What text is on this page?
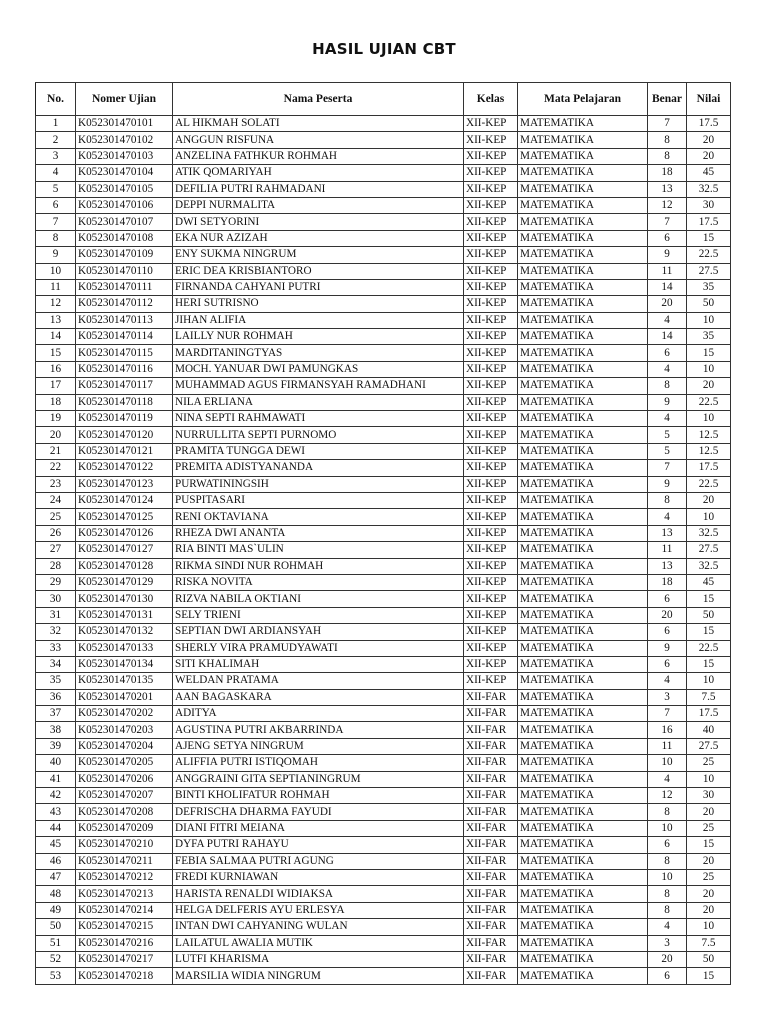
HASIL UJIAN CBT
No.	Nomer Ujian	Nama Peserta	Kelas	Mata Pelajaran	Benar	Nilai
1	K052301470101	AL HIKMAH SOLATI	XII-KEP	MATEMATIKA	7	17.5
2	K052301470102	ANGGUN RISFUNA	XII-KEP	MATEMATIKA	8	20
3	K052301470103	ANZELINA FATHKUR ROHMAH	XII-KEP	MATEMATIKA	8	20
4	K052301470104	ATIK QOMARIYAH	XII-KEP	MATEMATIKA	18	45
5	K052301470105	DEFILIA PUTRI RAHMADANI	XII-KEP	MATEMATIKA	13	32.5
6	K052301470106	DEPPI NURMALITA	XII-KEP	MATEMATIKA	12	30
7	K052301470107	DWI SETYORINI	XII-KEP	MATEMATIKA	7	17.5
8	K052301470108	EKA NUR AZIZAH	XII-KEP	MATEMATIKA	6	15
9	K052301470109	ENY SUKMA NINGRUM	XII-KEP	MATEMATIKA	9	22.5
10	K052301470110	ERIC DEA KRISBIANTORO	XII-KEP	MATEMATIKA	11	27.5
11	K052301470111	FIRNANDA CAHYANI PUTRI	XII-KEP	MATEMATIKA	14	35
12	K052301470112	HERI SUTRISNO	XII-KEP	MATEMATIKA	20	50
13	K052301470113	JIHAN ALIFIA	XII-KEP	MATEMATIKA	4	10
14	K052301470114	LAILLY NUR ROHMAH	XII-KEP	MATEMATIKA	14	35
15	K052301470115	MARDITANINGTYAS	XII-KEP	MATEMATIKA	6	15
16	K052301470116	MOCH. YANUAR DWI PAMUNGKAS	XII-KEP	MATEMATIKA	4	10
17	K052301470117	MUHAMMAD AGUS FIRMANSYAH RAMADHANI	XII-KEP	MATEMATIKA	8	20
18	K052301470118	NILA ERLIANA	XII-KEP	MATEMATIKA	9	22.5
19	K052301470119	NINA SEPTI RAHMAWATI	XII-KEP	MATEMATIKA	4	10
20	K052301470120	NURRULLITA SEPTI PURNOMO	XII-KEP	MATEMATIKA	5	12.5
21	K052301470121	PRAMITA TUNGGA DEWI	XII-KEP	MATEMATIKA	5	12.5
22	K052301470122	PREMITA ADISTYANANDA	XII-KEP	MATEMATIKA	7	17.5
23	K052301470123	PURWATININGSIH	XII-KEP	MATEMATIKA	9	22.5
24	K052301470124	PUSPITASARI	XII-KEP	MATEMATIKA	8	20
25	K052301470125	RENI OKTAVIANA	XII-KEP	MATEMATIKA	4	10
26	K052301470126	RHEZA DWI ANANTA	XII-KEP	MATEMATIKA	13	32.5
27	K052301470127	RIA BINTI MAS`ULIN	XII-KEP	MATEMATIKA	11	27.5
28	K052301470128	RIKMA SINDI NUR ROHMAH	XII-KEP	MATEMATIKA	13	32.5
29	K052301470129	RISKA NOVITA	XII-KEP	MATEMATIKA	18	45
30	K052301470130	RIZVA NABILA OKTIANI	XII-KEP	MATEMATIKA	6	15
31	K052301470131	SELY TRIENI	XII-KEP	MATEMATIKA	20	50
32	K052301470132	SEPTIAN DWI ARDIANSYAH	XII-KEP	MATEMATIKA	6	15
33	K052301470133	SHERLY VIRA PRAMUDYAWATI	XII-KEP	MATEMATIKA	9	22.5
34	K052301470134	SITI KHALIMAH	XII-KEP	MATEMATIKA	6	15
35	K052301470135	WELDAN PRATAMA	XII-KEP	MATEMATIKA	4	10
36	K052301470201	AAN BAGASKARA	XII-FAR	MATEMATIKA	3	7.5
37	K052301470202	ADITYA	XII-FAR	MATEMATIKA	7	17.5
38	K052301470203	AGUSTINA PUTRI AKBARRINDA	XII-FAR	MATEMATIKA	16	40
39	K052301470204	AJENG SETYA NINGRUM	XII-FAR	MATEMATIKA	11	27.5
40	K052301470205	ALIFFIA PUTRI ISTIQOMAH	XII-FAR	MATEMATIKA	10	25
41	K052301470206	ANGGRAINI GITA SEPTIANINGRUM	XII-FAR	MATEMATIKA	4	10
42	K052301470207	BINTI KHOLIFATUR ROHMAH	XII-FAR	MATEMATIKA	12	30
43	K052301470208	DEFRISCHA DHARMA FAYUDI	XII-FAR	MATEMATIKA	8	20
44	K052301470209	DIANI FITRI MEIANA	XII-FAR	MATEMATIKA	10	25
45	K052301470210	DYFA PUTRI RAHAYU	XII-FAR	MATEMATIKA	6	15
46	K052301470211	FEBIA SALMAA PUTRI AGUNG	XII-FAR	MATEMATIKA	8	20
47	K052301470212	FREDI KURNIAWAN	XII-FAR	MATEMATIKA	10	25
48	K052301470213	HARISTA RENALDI WIDIAKSA	XII-FAR	MATEMATIKA	8	20
49	K052301470214	HELGA DELFERIS AYU ERLESYA	XII-FAR	MATEMATIKA	8	20
50	K052301470215	INTAN DWI CAHYANING WULAN	XII-FAR	MATEMATIKA	4	10
51	K052301470216	LAILATUL AWALIA MUTIK	XII-FAR	MATEMATIKA	3	7.5
52	K052301470217	LUTFI KHARISMA	XII-FAR	MATEMATIKA	20	50
53	K052301470218	MARSILIA WIDIA NINGRUM	XII-FAR	MATEMATIKA	6	15
